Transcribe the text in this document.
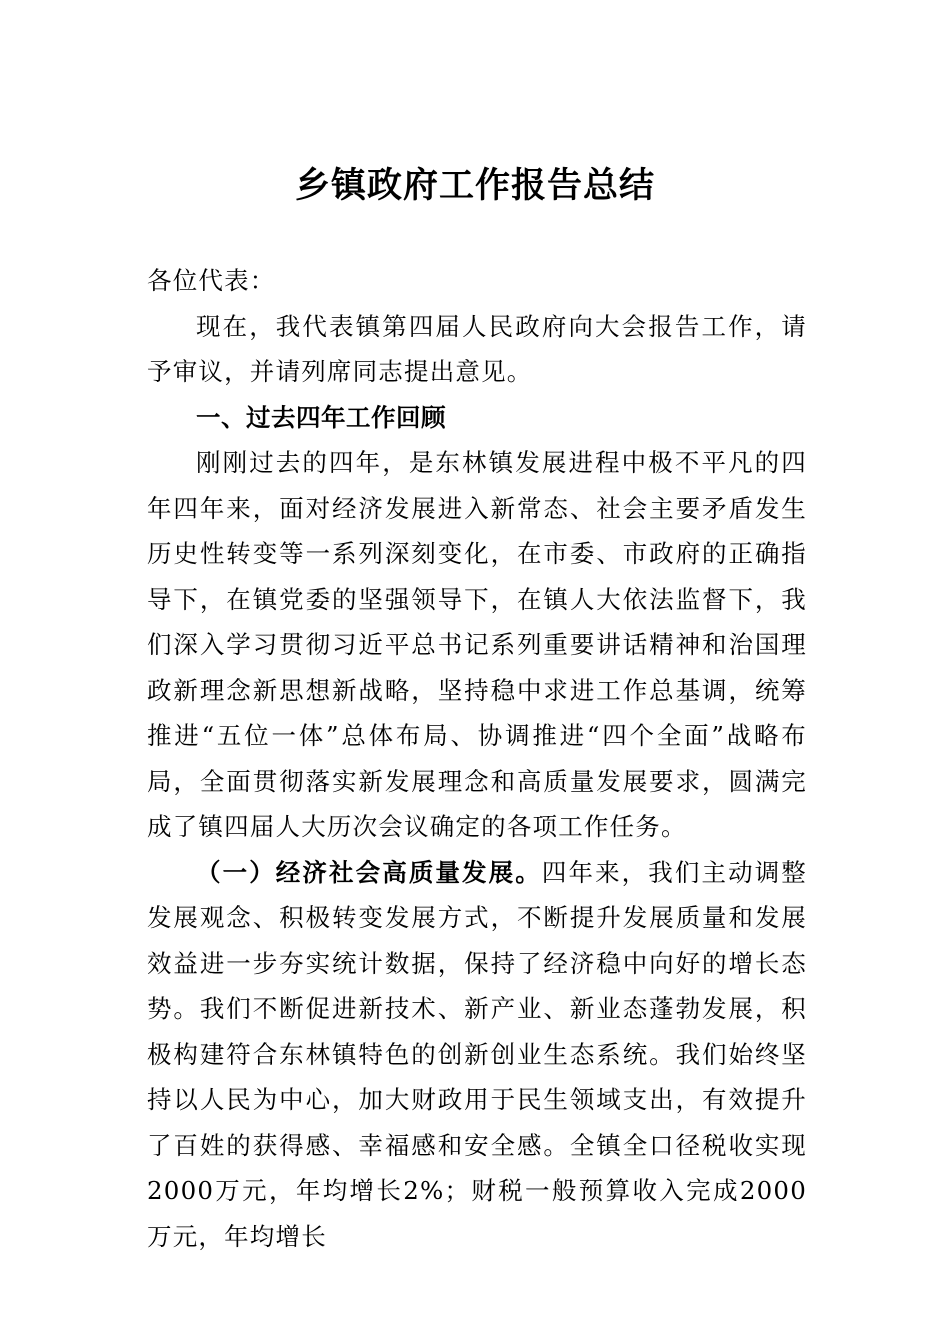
乡镇政府工作报告总结

各位代表：

现在，我代表镇第四届人民政府向大会报告工作，请予审议，并请列席同志提出意见。

一、过去四年工作回顾

刚刚过去的四年，是东林镇发展进程中极不平凡的四年四年来，面对经济发展进入新常态、社会主要矛盾发生历史性转变等一系列深刻变化，在市委、市政府的正确指导下，在镇党委的坚强领导下，在镇人大依法监督下，我们深入学习贯彻习近平总书记系列重要讲话精神和治国理政新理念新思想新战略，坚持稳中求进工作总基调，统筹推进“五位一体”总体布局、协调推进“四个全面”战略布局，全面贯彻落实新发展理念和高质量发展要求，圆满完成了镇四届人大历次会议确定的各项工作任务。

（一）经济社会高质量发展。四年来，我们主动调整发展观念、积极转变发展方式，不断提升发展质量和发展效益进一步夯实统计数据，保持了经济稳中向好的增长态势。我们不断促进新技术、新产业、新业态蓬勃发展，积极构建符合东林镇特色的创新创业生态系统。我们始终坚持以人民为中心，加大财政用于民生领域支出，有效提升了百姓的获得感、幸福感和安全感。全镇全口径税收实现2000万元，年均增长2%；财税一般预算收入完成2000万元，年均增长
